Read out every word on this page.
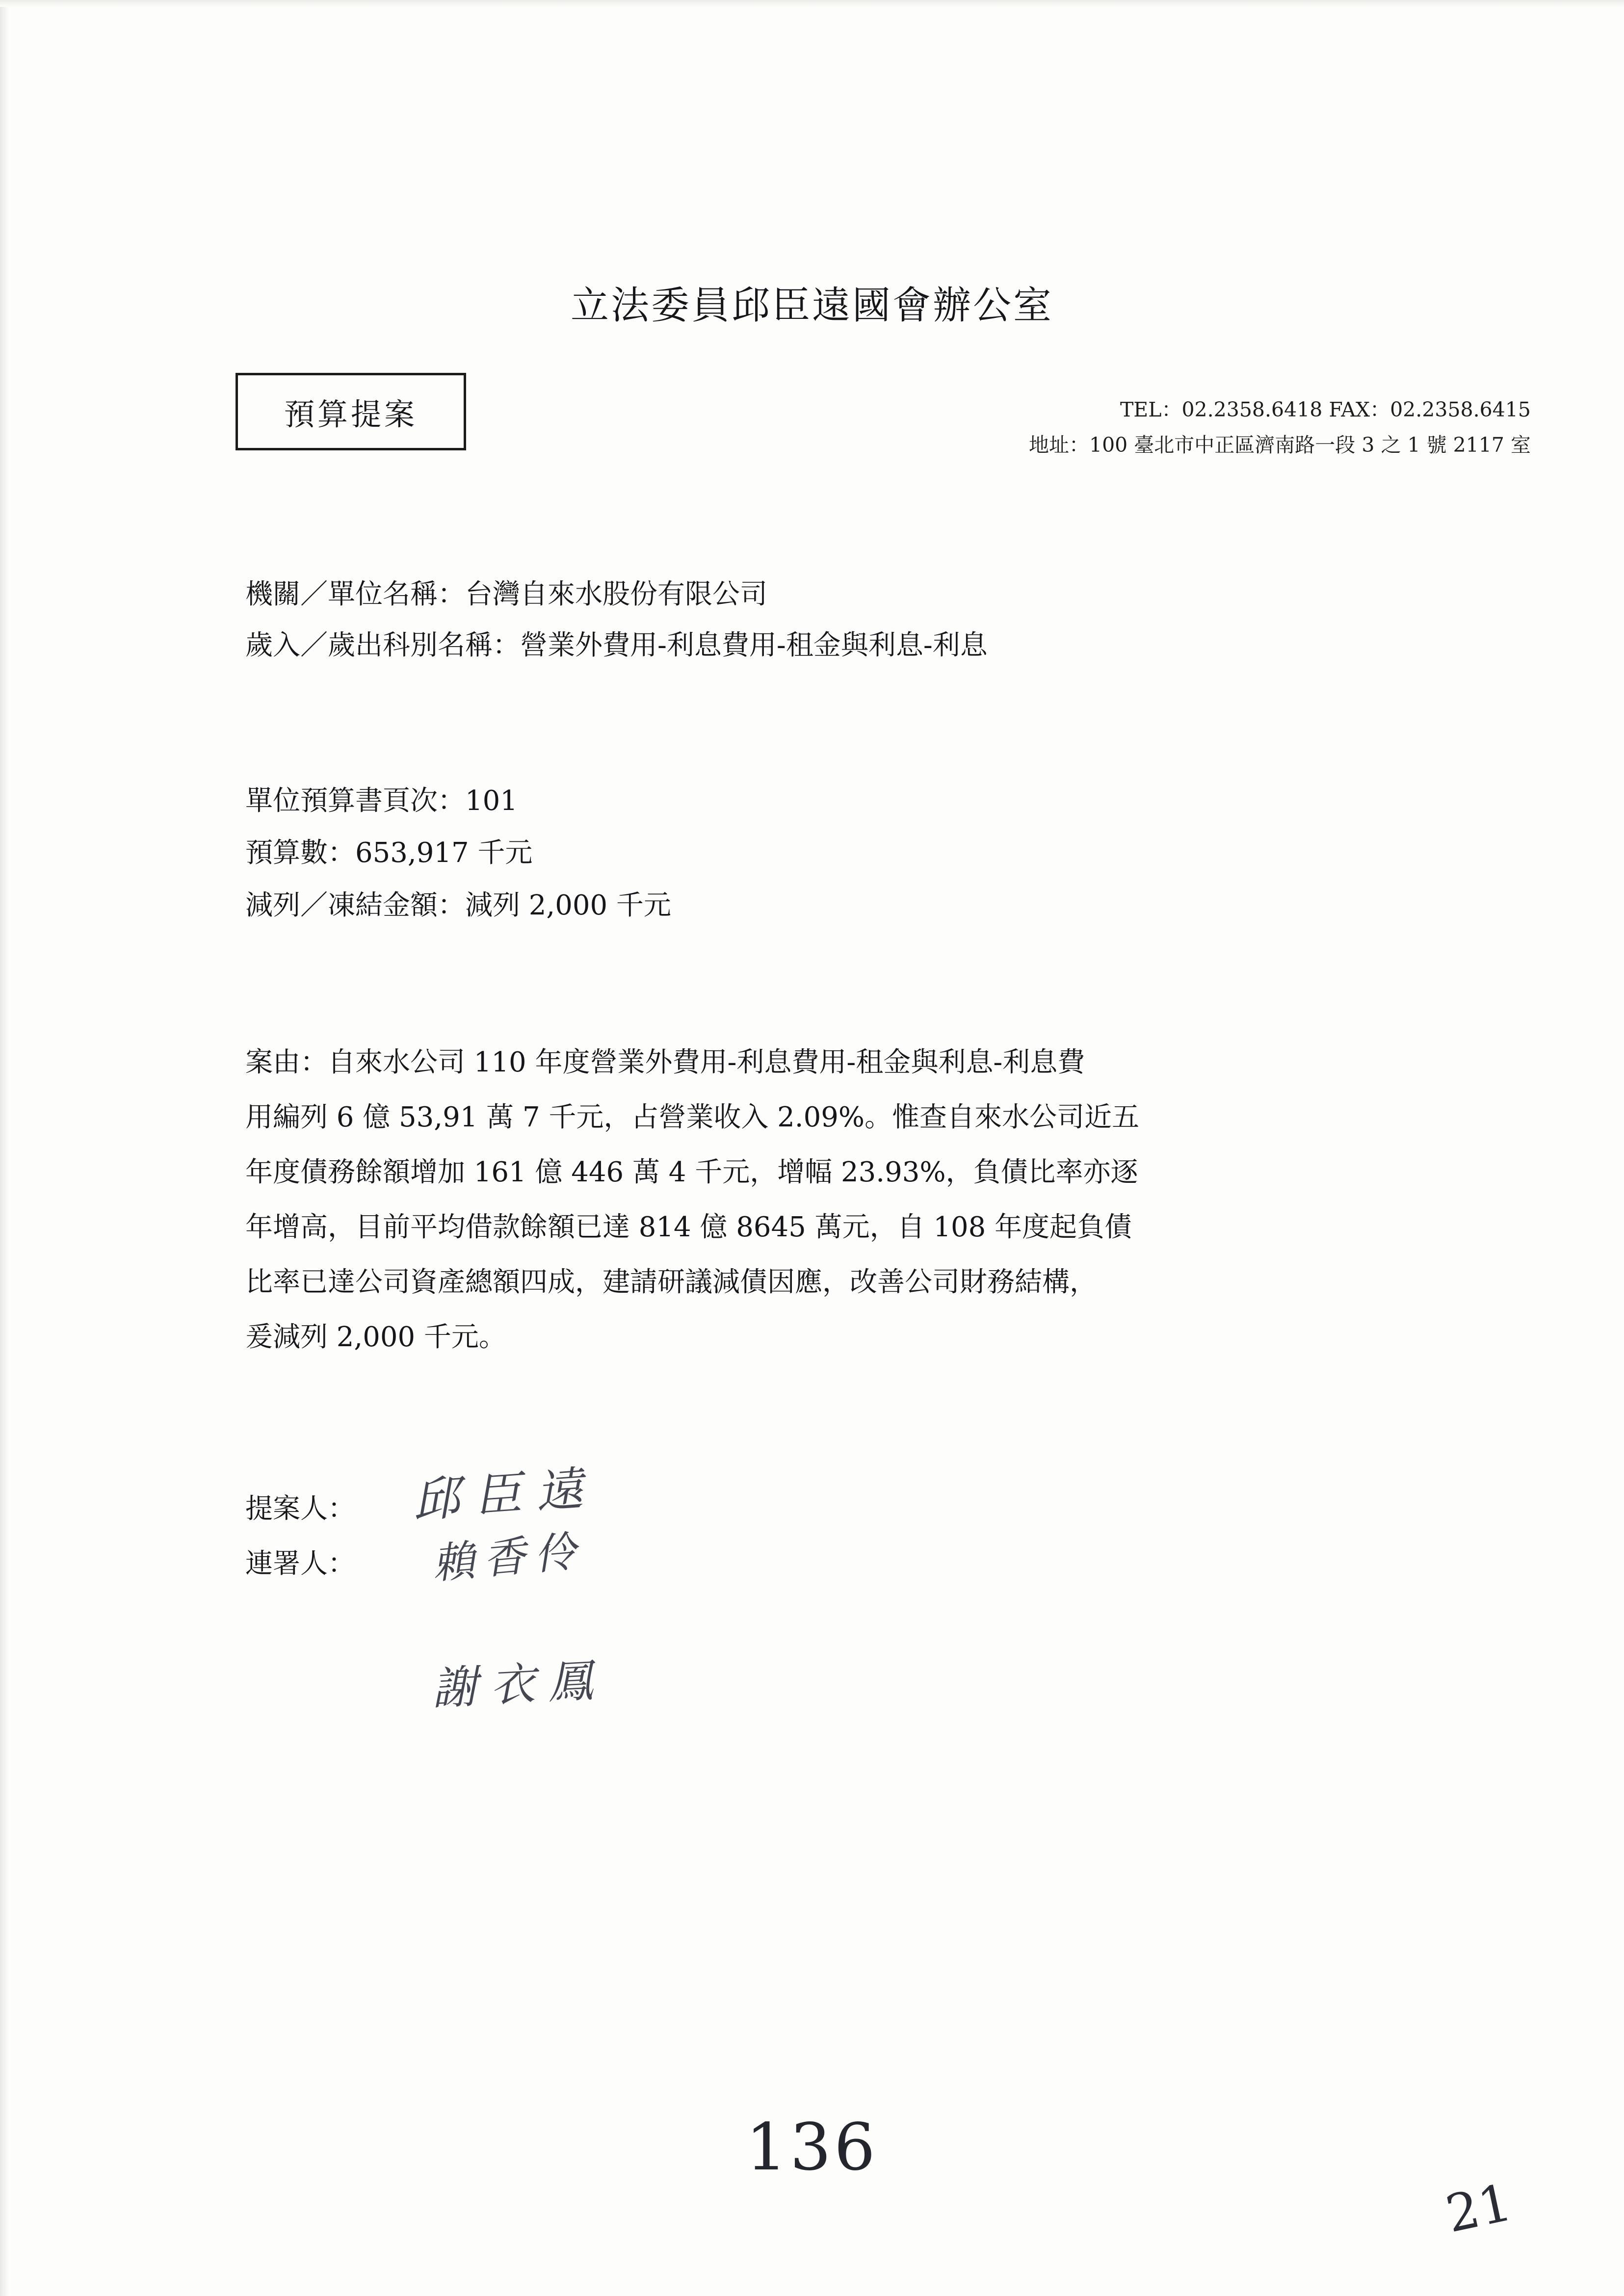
立法委員邱臣遠國會辦公室
預算提案	TEL：02.2358.6418 FAX：02.2358.6415
地址：100 臺北市中正區濟南路一段 3 之 1 號 2117 室
機關／單位名稱：台灣自來水股份有限公司
歲入／歲出科別名稱：營業外費用-利息費用-租金與利息-利息
單位預算書頁次：101
預算數：653,917 千元
減列／凍結金額：減列 2,000 千元

案由：自來水公司 110 年度營業外費用-利息費用-租金與利息-利息費

用編列 6 億 53,91 萬 7 千元，占營業收入 2.09%。惟查自來水公司近五

年度債務餘額增加 161 億 446 萬 4 千元，增幅 23.93%，負債比率亦逐

年增高，目前平均借款餘額已達 814 億 8645 萬元，自 108 年度起負債

比率已達公司資產總額四成，建請研議減債因應，改善公司財務結構，

爰減列 2,000 千元。

提案人：
連署人：
邱臣遠
賴香伶
謝衣鳳
136
21
